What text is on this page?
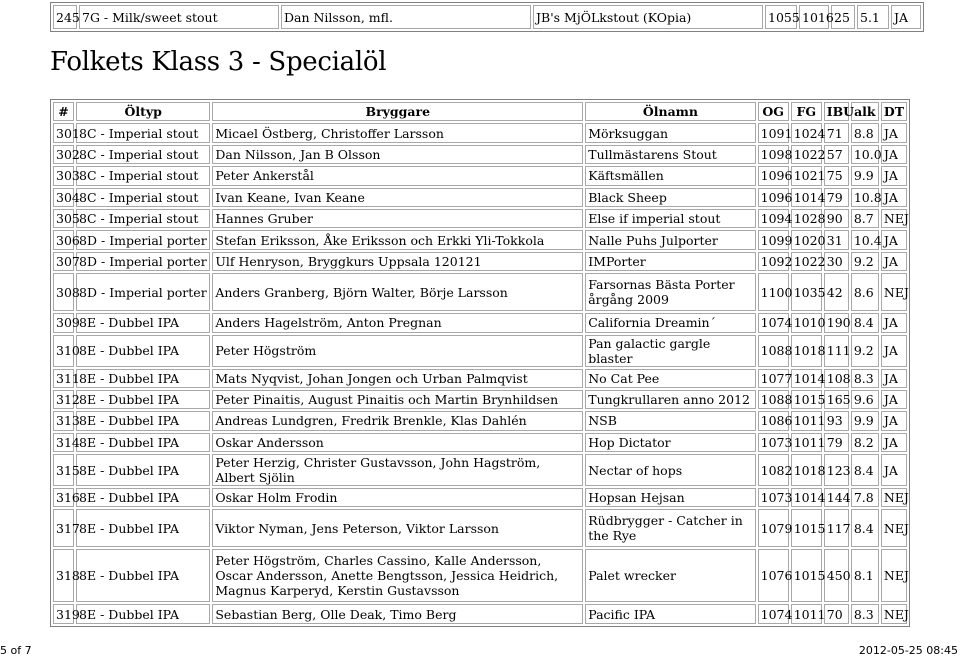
245	7G - Milk/sweet stout	Dan Nilsson, mfl.	JB's MjÖLkstout (KOpia)	1055	1016	25	5.1	JA
Folkets Klass 3 - Specialöl
#	Öltyp	Bryggare	Ölnamn	OG	FG	IBU	alk	DT
301	8C - Imperial stout	Micael Östberg, Christoffer Larsson	Mörksuggan	1091	1024	71	8.8	JA
302	8C - Imperial stout	Dan Nilsson, Jan B Olsson	Tullmästarens Stout	1098	1022	57	10.0	JA
303	8C - Imperial stout	Peter Ankerstål	Käftsmällen	1096	1021	75	9.9	JA
304	8C - Imperial stout	Ivan Keane, Ivan Keane	Black Sheep	1096	1014	79	10.8	JA
305	8C - Imperial stout	Hannes Gruber	Else if imperial stout	1094	1028	90	8.7	NEJ
306	8D - Imperial porter	Stefan Eriksson, Åke Eriksson och Erkki Yli-Tokkola	Nalle Puhs Julporter	1099	1020	31	10.4	JA
307	8D - Imperial porter	Ulf Henryson, Bryggkurs Uppsala 120121	IMPorter	1092	1022	30	9.2	JA
308	8D - Imperial porter	Anders Granberg, Björn Walter, Börje Larsson	Farsornas Bästa Porter årgång 2009	1100	1035	42	8.6	NEJ
309	8E - Dubbel IPA	Anders Hagelström, Anton Pregnan	California Dreamin´	1074	1010	190	8.4	JA
310	8E - Dubbel IPA	Peter Högström	Pan galactic gargle blaster	1088	1018	111	9.2	JA
311	8E - Dubbel IPA	Mats Nyqvist, Johan Jongen och Urban Palmqvist	No Cat Pee	1077	1014	108	8.3	JA
312	8E - Dubbel IPA	Peter Pinaitis, August Pinaitis och Martin Brynhildsen	Tungkrullaren anno 2012	1088	1015	165	9.6	JA
313	8E - Dubbel IPA	Andreas Lundgren, Fredrik Brenkle, Klas Dahlén	NSB	1086	1011	93	9.9	JA
314	8E - Dubbel IPA	Oskar Andersson	Hop Dictator	1073	1011	79	8.2	JA
315	8E - Dubbel IPA	Peter Herzig, Christer Gustavsson, John Hagström, Albert Sjölin	Nectar of hops	1082	1018	123	8.4	JA
316	8E - Dubbel IPA	Oskar Holm Frodin	Hopsan Hejsan	1073	1014	144	7.8	NEJ
317	8E - Dubbel IPA	Viktor Nyman, Jens Peterson, Viktor Larsson	Rüdbrygger - Catcher in the Rye	1079	1015	117	8.4	NEJ
318	8E - Dubbel IPA	Peter Högström, Charles Cassino, Kalle Andersson, Oscar Andersson, Anette Bengtsson, Jessica Heidrich, Magnus Karperyd, Kerstin Gustavsson	Palet wrecker	1076	1015	450	8.1	NEJ
319	8E - Dubbel IPA	Sebastian Berg, Olle Deak, Timo Berg	Pacific IPA	1074	1011	70	8.3	NEJ
5 of 7	2012-05-25 08:45
